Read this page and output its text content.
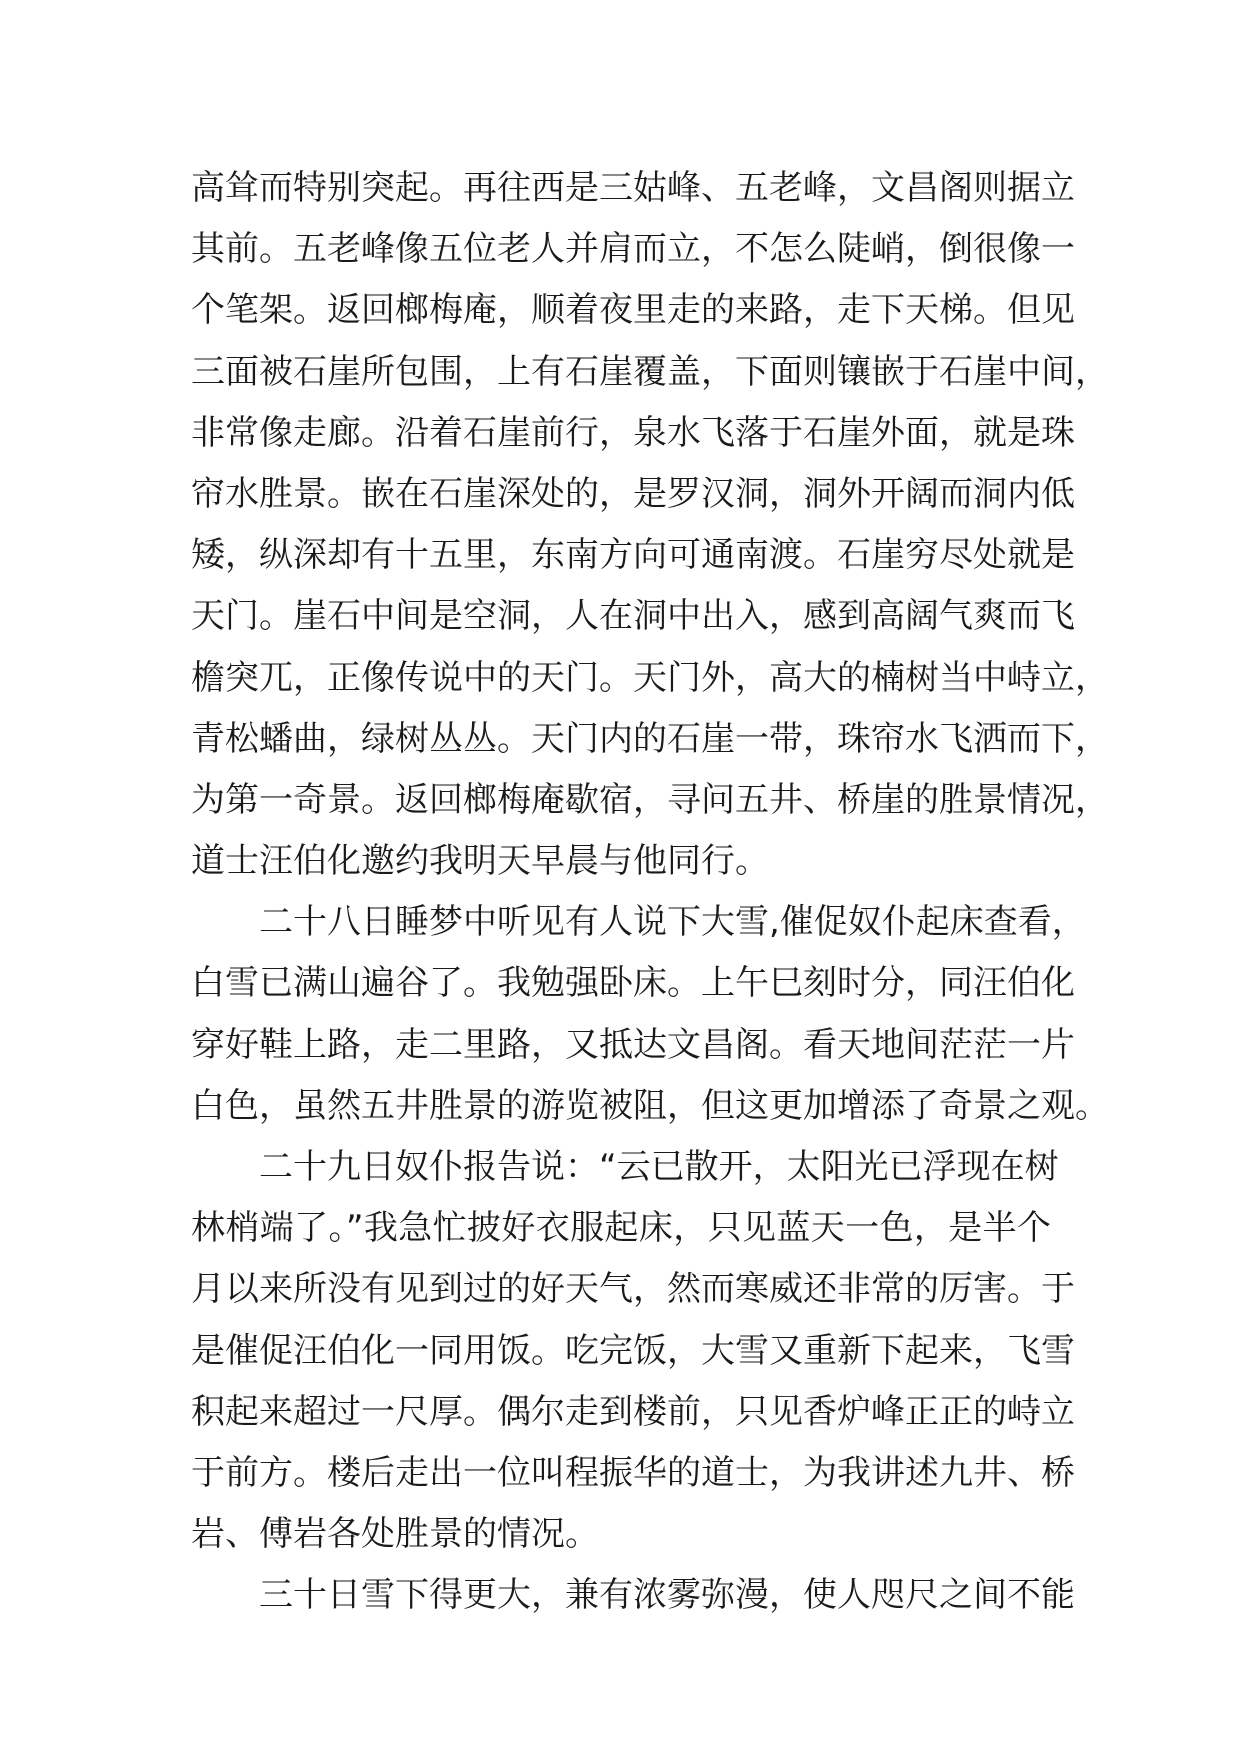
高耸而特别突起。再往西是三姑峰、五老峰，文昌阁则据立
其前。五老峰像五位老人并肩而立，不怎么陡峭，倒很像一
个笔架。返回榔梅庵，顺着夜里走的来路，走下天梯。但见
三面被石崖所包围，上有石崖覆盖，下面则镶嵌于石崖中间，
非常像走廊。沿着石崖前行，泉水飞落于石崖外面，就是珠
帘水胜景。嵌在石崖深处的，是罗汉洞，洞外开阔而洞内低
矮，纵深却有十五里，东南方向可通南渡。石崖穷尽处就是
天门。崖石中间是空洞，人在洞中出入，感到高阔气爽而飞
檐突兀，正像传说中的天门。天门外，高大的楠树当中峙立，
青松蟠曲，绿树丛丛。天门内的石崖一带，珠帘水飞洒而下，
为第一奇景。返回榔梅庵歇宿，寻问五井、桥崖的胜景情况，
道士汪伯化邀约我明天早晨与他同行。
二十八日睡梦中听见有人说下大雪,催促奴仆起床查看，
白雪已满山遍谷了。我勉强卧床。上午巳刻时分，同汪伯化
穿好鞋上路，走二里路，又抵达文昌阁。看天地间茫茫一片
白色，虽然五井胜景的游览被阻，但这更加增添了奇景之观。
二十九日奴仆报告说：“云已散开，太阳光已浮现在树
林梢端了。”我急忙披好衣服起床，只见蓝天一色，是半个
月以来所没有见到过的好天气，然而寒威还非常的厉害。于
是催促汪伯化一同用饭。吃完饭，大雪又重新下起来，飞雪
积起来超过一尺厚。偶尔走到楼前，只见香炉峰正正的峙立
于前方。楼后走出一位叫程振华的道士，为我讲述九井、桥
岩、傅岩各处胜景的情况。
三十日雪下得更大，兼有浓雾弥漫，使人咫尺之间不能
